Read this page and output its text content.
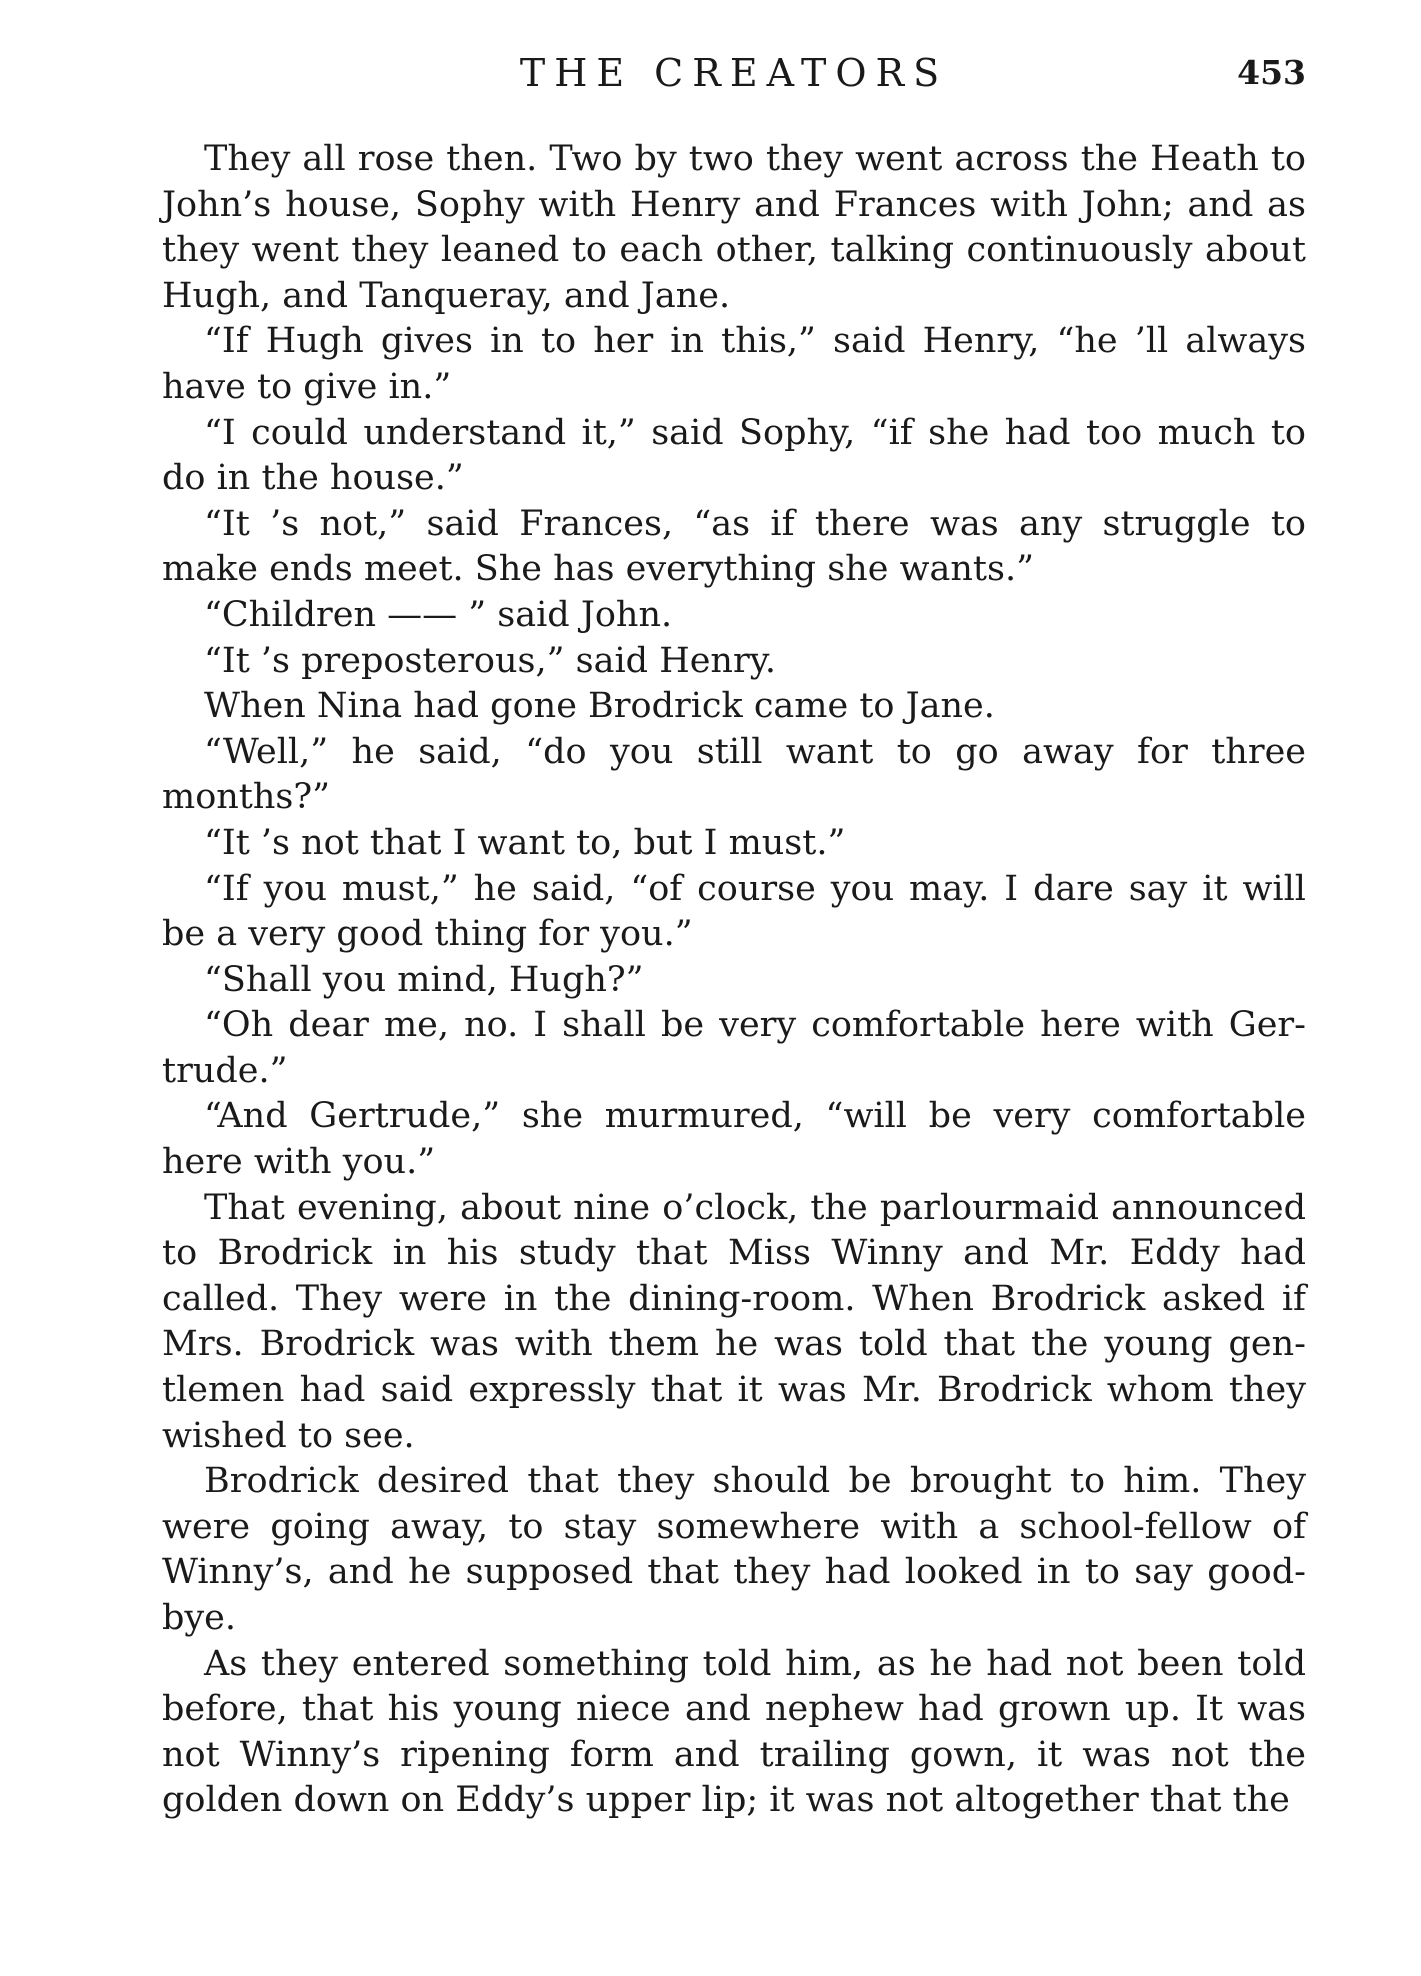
THE CREATORS	453

They all rose then. Two by two they went across the Heath to John’s house, Sophy with Henry and Frances with John; and as they went they leaned to each other, talking continuously about Hugh, and Tanqueray, and Jane.

“If Hugh gives in to her in this,” said Henry, “he ’ll always have to give in.”

“I could understand it,” said Sophy, “if she had too much to do in the house.”

“It ’s not,” said Frances, “as if there was any struggle to make ends meet. She has everything she wants.”

“Children —— ” said John.

“It ’s preposterous,” said Henry.

When Nina had gone Brodrick came to Jane.

“Well,” he said, “do you still want to go away for three months?”

“It ’s not that I want to, but I must.”

“If you must,” he said, “of course you may. I dare say it will be a very good thing for you.”

“Shall you mind, Hugh?”

“Oh dear me, no. I shall be very comfortable here with Gertrude.”

“And Gertrude,” she murmured, “will be very comfortable here with you.”

That evening, about nine o’clock, the parlourmaid announced to Brodrick in his study that Miss Winny and Mr. Eddy had called. They were in the dining-room. When Brodrick asked if Mrs. Brodrick was with them he was told that the young gentlemen had said expressly that it was Mr. Brodrick whom they wished to see.

Brodrick desired that they should be brought to him. They were going away, to stay somewhere with a school-fellow of Winny’s, and he supposed that they had looked in to say goodbye.

As they entered something told him, as he had not been told before, that his young niece and nephew had grown up. It was not Winny’s ripening form and trailing gown, it was not the golden down on Eddy’s upper lip; it was not altogether that the
